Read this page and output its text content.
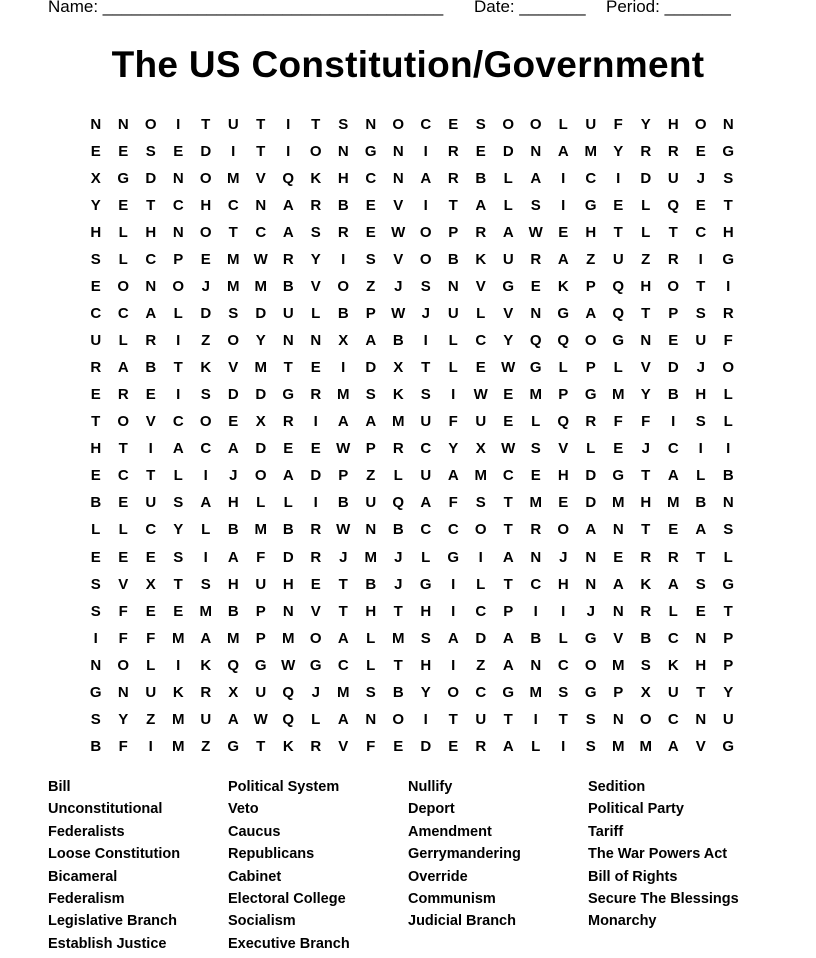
Name: ____________________________________ Date: _______ Period: _______
The US Constitution/Government
N	N	O	I	T	U	T	I	T	S	N	O	C	E	S	O	O	L	U	F	Y	H	O	N
E	E	S	E	D	I	T	I	O	N	G	N	I	R	E	D	N	A	M	Y	R	R	E	G
X	G	D	N	O	M	V	Q	K	H	C	N	A	R	B	L	A	I	C	I	D	U	J	S
Y	E	T	C	H	C	N	A	R	B	E	V	I	T	A	L	S	I	G	E	L	Q	E	T
H	L	H	N	O	T	C	A	S	R	E	W O	P	R	A W	E	H	T	L	T	C	H
S	L	C	P	E	M W	R	Y	I	S	V	O	B	K	U	R	A	Z	U	Z	R	I	G
E	O	N	O	J	M	M	B	V	O	Z	J	S	N	V	G	E	K	P	Q	H	O	T	I
C	C	A	L	D	S	D	U	L	B	P	W	J	U	L	V	N	G	A	Q	T	P	S	R
U	L	R	I	Z	O	Y	N	N	X	A	B	I	L	C	Y	Q	Q	O	G	N	E	U	F
R	A	B	T	K	V	M	T	E	I	D	X	T	L	E	W G	L	P	L	V	D	J	O
E	R	E	I	S	D	D	G	R	M	S	K	S	I	W	E	M	P	G	M	Y	B	H	L
T	O	V	C	O	E	X	R	I	A	A	M	U	F	U	E	L	Q	R	F	F	I	S	L
H	T	I	A	C	A	D	E	E	W	P	R	C	Y	X	W	S	V	L	E	J	C	I	I
E	C	T	L	I	J	O	A	D	P	Z	L	U	A	M	C	E	H	D	G	T	A	L	B
B	E	U	S	A	H	L	L	I	B	U	Q	A	F	S	T	M	E	D	M	H	M	B	N
L	L	C	Y	L	B	M	B	R W	N	B	C	C	O	T	R	O	A	N	T	E	A	S
E	E	E	S	I	A	F	D	R	J	M	J	L	G	I	A	N	J	N	E	R	R	T	L
S	V	X	T	S	H	U	H	E	T	B	J	G	I	L	T	C	H	N	A	K	A	S	G
S	F	E	E	M	B	P	N	V	T	H	T	H	I	C	P	I	I	J	N	R	L	E	T
I	F	F	M	A	M	P	M	O	A	L	M	S	A	D	A	B	L	G	V	B	C	N	P
N	O	L	I	K	Q	G W G	C	L	T	H	I	Z	A	N	C	O	M	S	K	H	P
G	N	U	K	R	X	U	Q	J	M	S	B	Y	O	C	G	M	S	G	P	X	U	T	Y
S	Y	Z	M	U	A W Q	L	A	N	O	I	T	U	T	I	T	S	N	O	C	N	U
B	F	I	M	Z	G	T	K	R	V	F	E	D	E	R	A	L	I	S	M	M	A	V	G
Bill
Unconstitutional
Federalists
Loose Constitution
Bicameral
Federalism
Legislative Branch
Establish Justice
Political System
Veto
Caucus
Republicans
Cabinet
Electoral College
Socialism
Executive Branch
Nullify
Deport
Amendment
Gerrymandering
Override
Communism
Judicial Branch
Sedition
Political Party
Tariff
The War Powers Act
Bill of Rights
Secure The Blessings
Monarchy
